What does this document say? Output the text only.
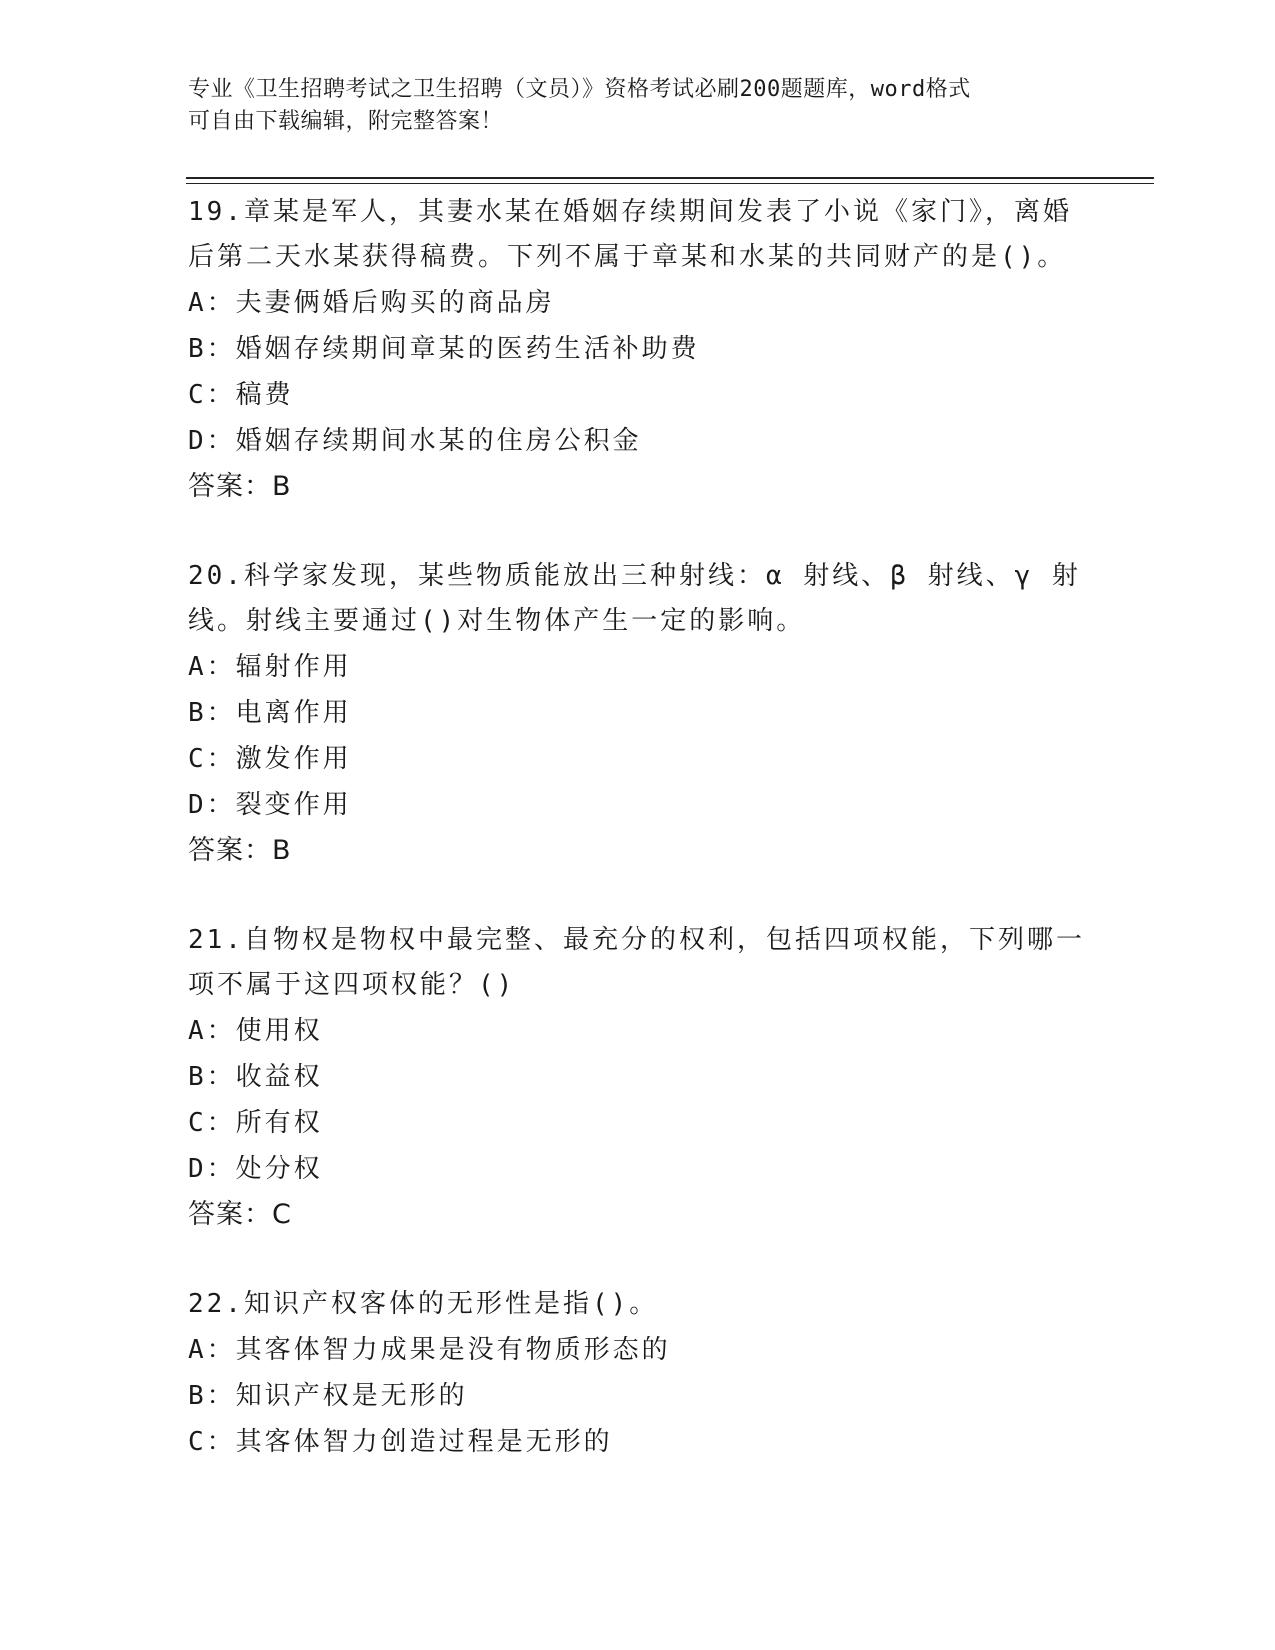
专业《卫生招聘考试之卫生招聘（文员）》资格考试必刷200题题库，word格式
可自由下载编辑，附完整答案！
19.章某是军人，其妻水某在婚姻存续期间发表了小说《家门》，离婚
后第二天水某获得稿费。下列不属于章某和水某的共同财产的是()。
A：夫妻俩婚后购买的商品房
B：婚姻存续期间章某的医药生活补助费
C：稿费
D：婚姻存续期间水某的住房公积金
答案：B
20.科学家发现，某些物质能放出三种射线：α 射线、β 射线、γ 射
线。射线主要通过()对生物体产生一定的影响。
A：辐射作用
B：电离作用
C：激发作用
D：裂变作用
答案：B
21.自物权是物权中最完整、最充分的权利，包括四项权能，下列哪一
项不属于这四项权能？()
A：使用权
B：收益权
C：所有权
D：处分权
答案：C
22.知识产权客体的无形性是指()。
A：其客体智力成果是没有物质形态的
B：知识产权是无形的
C：其客体智力创造过程是无形的
